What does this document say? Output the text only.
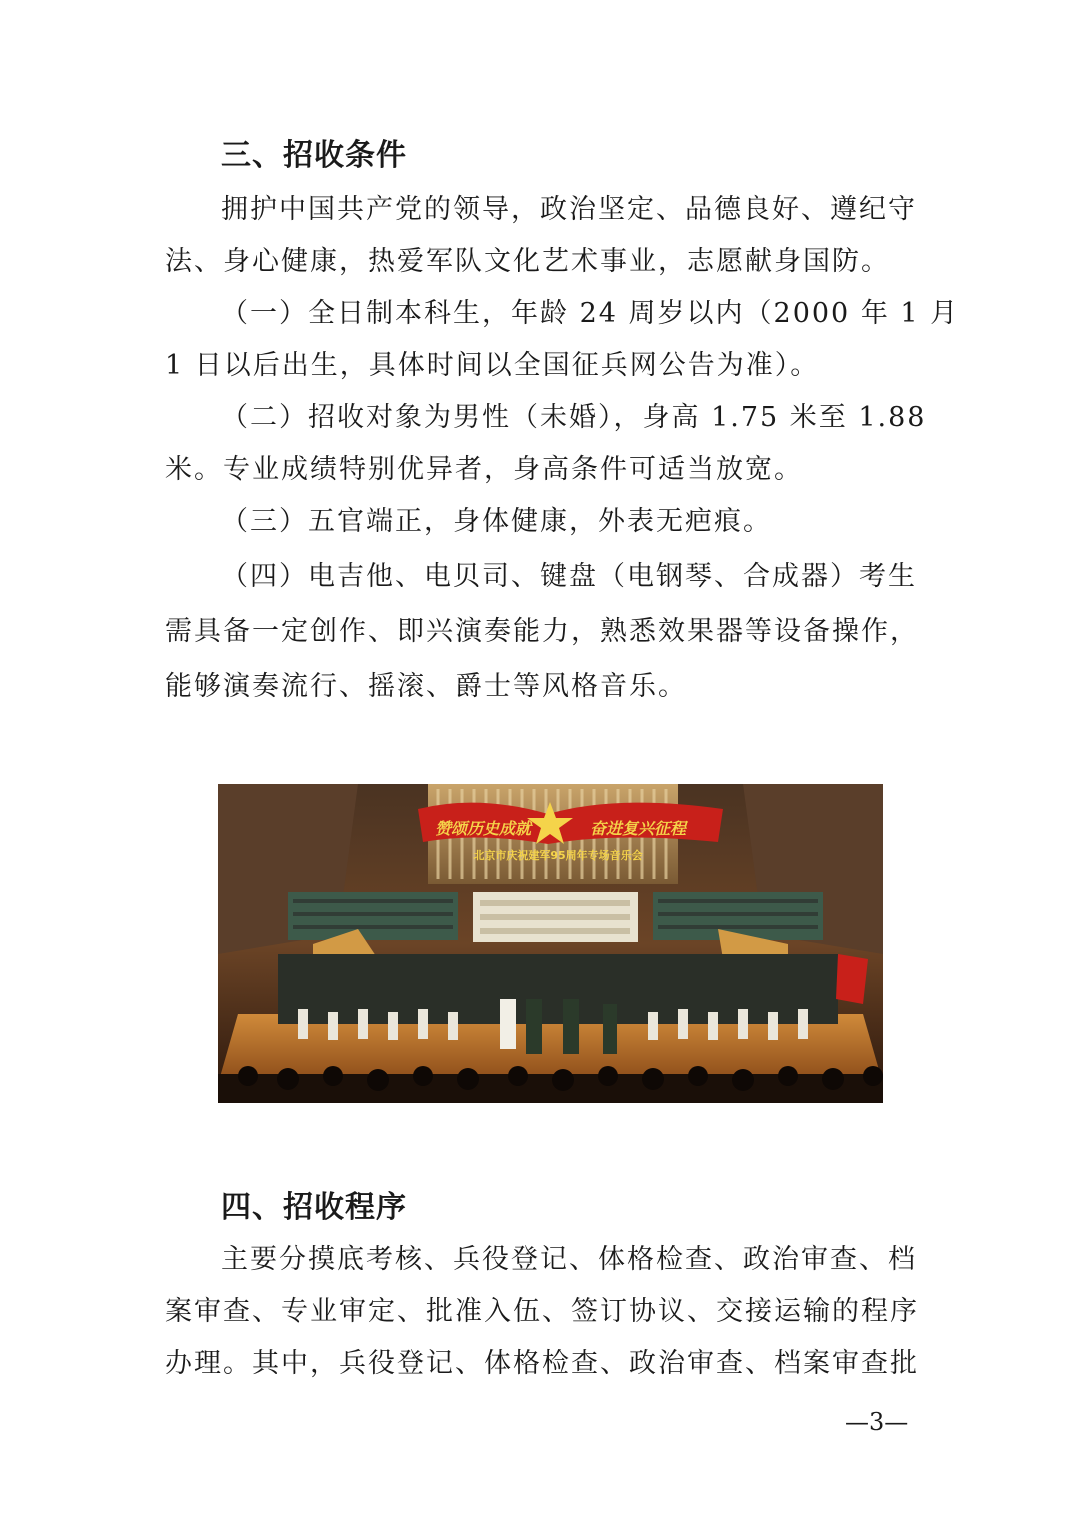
三、招收条件
拥护中国共产党的领导，政治坚定、品德良好、遵纪守
法、身心健康，热爱军队文化艺术事业，志愿献身国防。
（一）全日制本科生，年龄 24 周岁以内（2000 年 1 月
1 日以后出生，具体时间以全国征兵网公告为准）。
（二）招收对象为男性（未婚），身高 1.75 米至 1.88
米。专业成绩特别优异者，身高条件可适当放宽。
（三）五官端正，身体健康，外表无疤痕。
（四）电吉他、电贝司、键盘（电钢琴、合成器）考生
需具备一定创作、即兴演奏能力，熟悉效果器等设备操作，
能够演奏流行、摇滚、爵士等风格音乐。
赞颂历史成就	奋进复兴征程
北京市庆祝建军95周年专场音乐会
四、招收程序
主要分摸底考核、兵役登记、体格检查、政治审查、档
案审查、专业审定、批准入伍、签订协议、交接运输的程序
办理。其中，兵役登记、体格检查、政治审查、档案审查批
—3—
